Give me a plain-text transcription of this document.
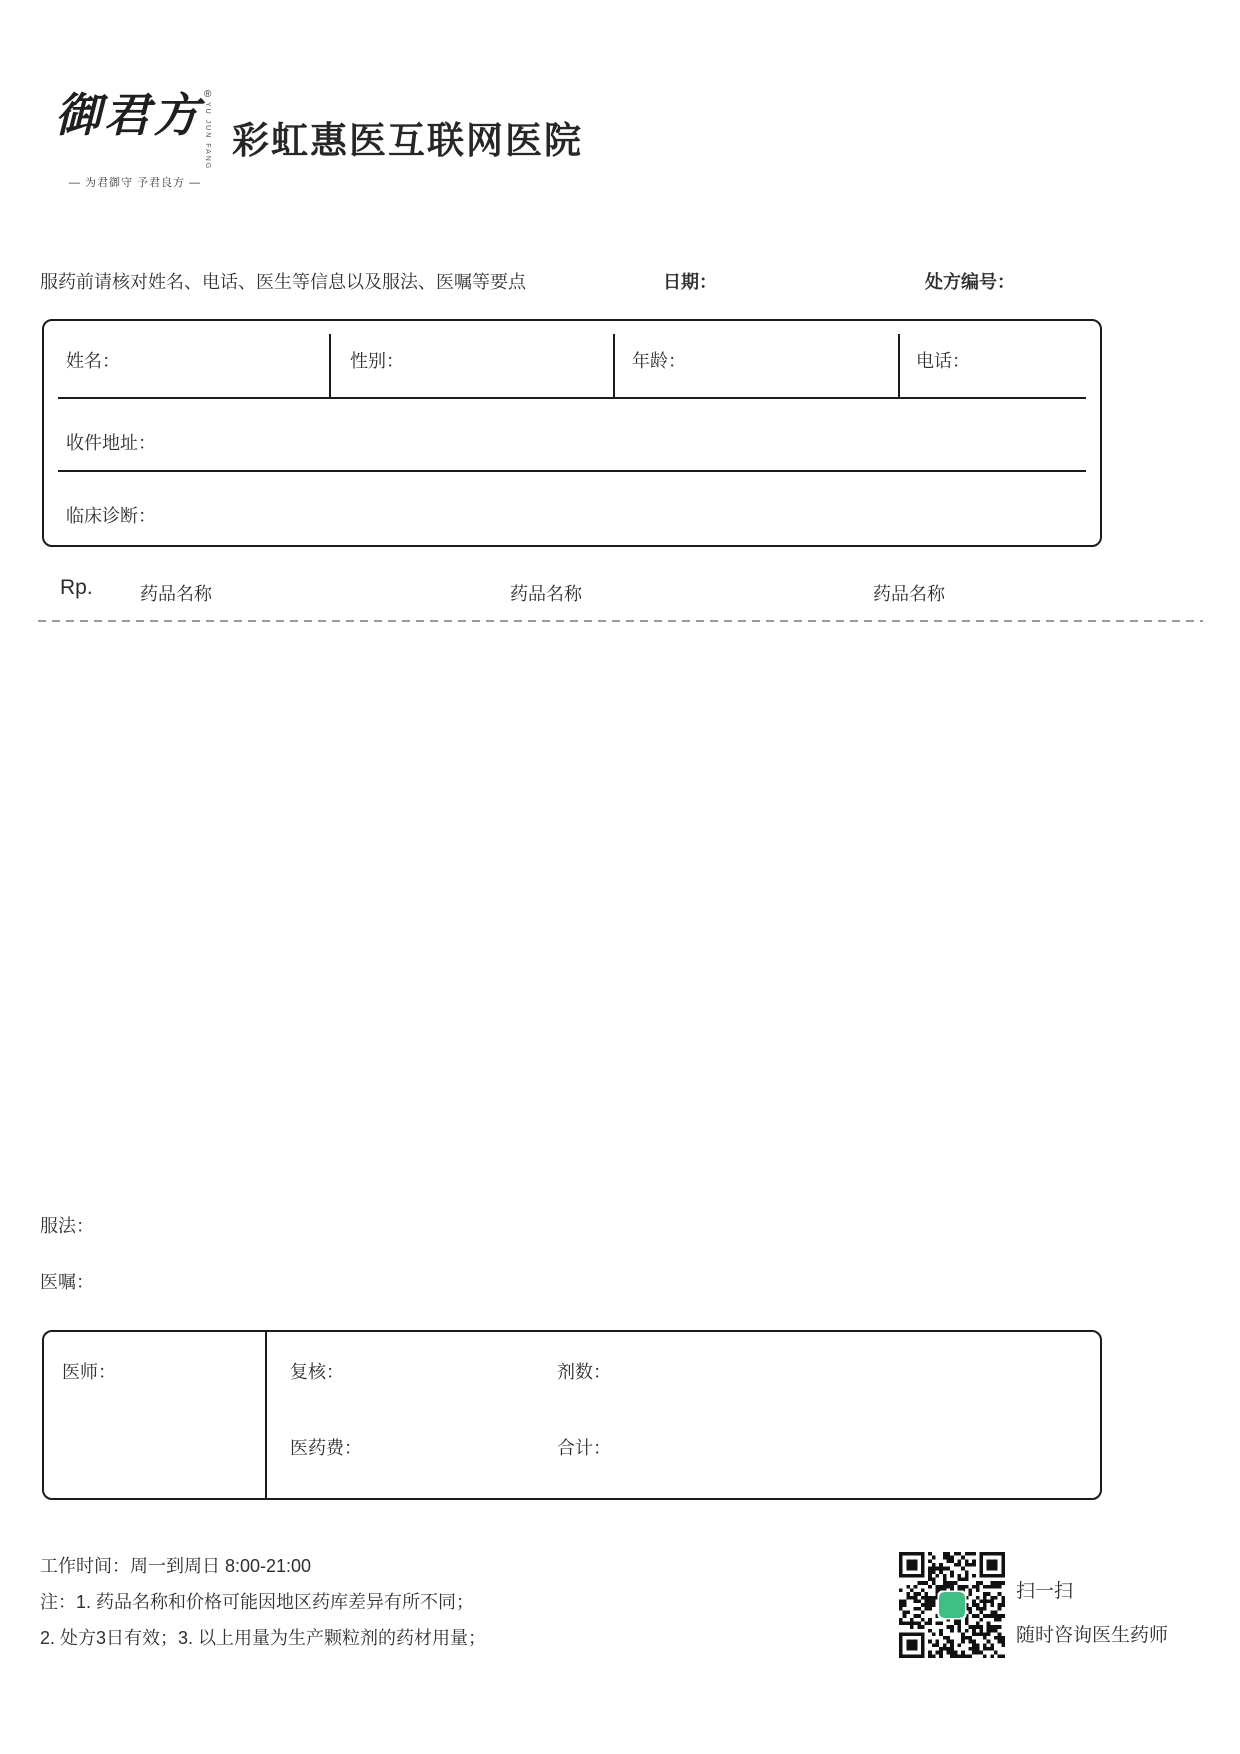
御君方 ®
YU JUN FANG
— 为君御守 予君良方 —
彩虹惠医互联网医院
服药前请核对姓名、电话、医生等信息以及服法、医嘱等要点	日期：	处方编号：
姓名：	性别：	年龄：	电话：
收件地址：
临床诊断：
Rp.	药品名称	药品名称	药品名称
服法：
医嘱：
医师：	复核：	剂数：
医药费：	合计：
工作时间：周一到周日 8:00-21:00
注：1. 药品名称和价格可能因地区药库差异有所不同；
2. 处方3日有效；3. 以上用量为生产颗粒剂的药材用量；
扫一扫
随时咨询医生药师
